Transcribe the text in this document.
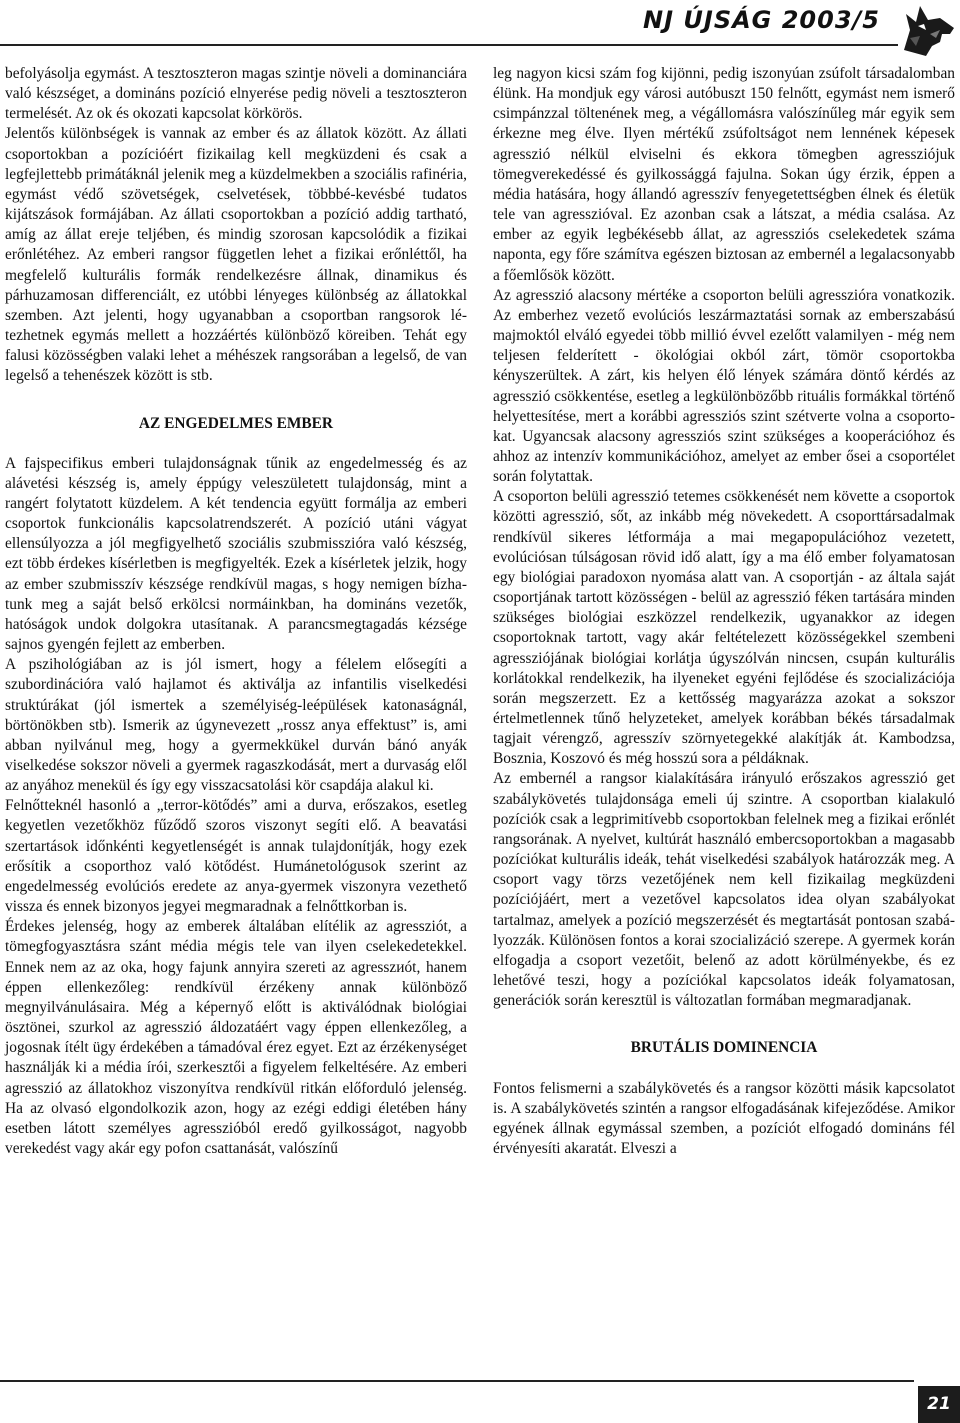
NJ ÚJSÁG 2003/5

befolyásolja egymást. A tesztoszteron magas szintje növeli a dominanciára való készséget, a domináns pozíció elnyerése pedig növeli a tesztoszteron termelését. Az ok és okozati kapcsolat körkörös.

Jelentős különbségek is vannak az ember és az állatok között. Az állati csoportokban a pozícióért fizikailag kell megküzdeni és csak a legfejlettebb primátáknál jelenik meg a küzdelmekben a szociális rafinéria, egymást védő szövetségek, cselvetések, többbé-kevésbé tudatos kijátszások formájában. Az állati csoportokban a pozíció addig tartható, amíg az állat ereje teljében, és mindig szorosan kapcsolódik a fizikai erőnlétéhez. Az emberi rangsor független lehet a fizikai erőnléttől, ha megfelelő kulturális formák rendelkezésre állnak, dinamikus és párhuzamosan differenciált, ez utóbbi lényeges különbség az állatokkal szemben. Azt jelenti, hogy ugyanabban a csoportban rangsorok létezhetnek egymás mellett a hozzáértés különböző köreiben. Tehát egy falusi közösségben valaki lehet a méhészek rangsorában a legelső, de van legelső a tehenészek között is stb.

AZ ENGEDELMES EMBER

A fajspecifikus emberi tulajdonságnak tűnik az engedelmesség és az alávetési készség is, amely éppúgy veleszületett tulajdonság, mint a rangért folytatott küzdelem. A két tendencia együtt formálja az emberi csoportok funkcionális kapcsolatrendszerét. A pozíció utáni vágyat ellensúlyozza a jól megfigyelhető szociális szubmisszióra való készség, ezt több érdekes kísérletben is megfigyelték. Ezek a kísérletek jelzik, hogy az ember szubmisszív készsége rendkívül magas, s hogy nemigen bízhatunk meg a saját belső erkölcsi normáinkban, ha domináns vezetők, hatóságok undok dolgokra utasítanak. A parancsmegtagadás kézsége sajnos gyengén fejlett az emberben.

A pszihológiában az is jól ismert, hogy a félelem elősegíti a szubordinációra való hajlamot és aktiválja az infantilis viselkedési struktúrákat (jól ismertek a személyiség-leépülések katonaságnál, börtönökben stb). Ismerik az úgynevezett „rossz anya effektust” is, ami abban nyilvánul meg, hogy a gyermekkükel durván bánó anyák viselkedése sokszor növeli a gyermek ragaszkodását, mert a durvaság elől az anyához menekül és így egy visszacsatolási kör csapdája alakul ki.

Felnőtteknél hasonló a „terror-kötődés” ami a durva, erőszakos, esetleg kegyetlen vezetőkhöz fűződő szoros viszonyt segíti elő. A beavatási szertartások időnkénti kegyetlenségét is annak tulajdonítják, hogy ezek erősítik a csoporthoz való kötődést. Humánetológusok szerint az engedelmesség evolúciós eredete az anya-gyermek viszonyra vezethető vissza és ennek bizonyos jegyei megmaradnak a felnőttkorban is.

Érdekes jelenség, hogy az emberek általában elítélik az agressziót, a tömegfogyasztásra szánt média mégis tele van ilyen cselekedetekkel. Ennek nem az az oka, hogy fajunk annyira szereti az agresszиót, hanem éppen ellenkezőleg: rendkívül érzékeny annak különböző megnyilvánulásaira. Még a képernyő előtt is aktiválódnak biológiai ösztönei, szurkol az agresszió áldozatáért vagy éppen ellenkezőleg, a jogosnak ítélt ügy érdekében a támadóval érez egyet. Ezt az érzékenységet használják ki a média írói, szerkesztői a figyelem felkeltésére. Az emberi agresszió az állatokhoz viszonyítva rendkívül ritkán előforduló jelenség. Ha az olvasó elgondolkozik azon, hogy az ezégi eddigi életében hány esetben látott személyes agresszióból eredő gyilkosságot, nagyobb verekedést vagy akár egy pofon csattanását, valószínű

leg nagyon kicsi szám fog kijönni, pedig iszonyúan zsúfolt társadalomban élünk. Ha mondjuk egy városi autóbuszt 150 felnőtt, egymást nem ismerő csimpánzzal töltenének meg, a végállomásra valószínűleg már egyik sem érkezne meg élve. Ilyen mértékű zsúfoltságot nem lennének képesek agresszió nélkül elviselni és ekkora tömegben agressziójuk tömegverekedéssé és gyilkossággá fajulna. Sokan úgy érzik, éppen a média hatására, hogy állandó agresszív fenyegetettségben élnek és életük tele van agresszióval. Ez azonban csak a látszat, a média csalása. Az ember az egyik legbékésebb állat, az agressziós cselekedetek száma naponta, egy főre számítva egészen biztosan az embernél a legalacsonyabb a főemlősök között.

Az agresszió alacsony mértéke a csoporton belüli agresszióra vonatkozik. Az emberhez vezető evolúciós leszármaztatási sornak az emberszabású majmoktól elváló egyedei több millió évvel ezelőtt valamilyen - még nem teljesen felderített - ökológiai okból zárt, tömör csoportokba kényszerültek. A zárt, kis helyen élő lények számára döntő kérdés az agresszió csökkentése, esetleg a legkülönbözőbb rituális formákkal történő helyettesítése, mert a korábbi agressziós szint szétverte volna a csoportоkat. Ugyancsak alacsony agressziós szint szükséges a kooperációhoz és ahhoz az intenzív kommunikációhoz, amelyet az ember ősei a csoportélet során folytattak.

A csoporton belüli agresszió tetemes csökkenését nem követte a csoportok közötti agresszió, sőt, az inkább még növekedett. A csoporttársadalmak rendkívül sikeres létformája a mai megapopulációhoz vezetett, evolúciósan túlságosan rövid idő alatt, így a ma élő ember folyamatosan egy biológiai paradoxon nyomása alatt van. A csoportján - az általa saját csoportjának tartott közösségen - belül az agresszió féken tartására minden szükséges biológiai eszközzel rendelkezik, ugyanakkor az idegen csoportoknak tartott, vagy akár feltételezett közösségekkel szembeni agressziójának biológiai korlátja úgyszólván nincsen, csupán kulturális korlátokkal rendelkezik, ha ilyeneket egyéni fejlődése és szocializációja során megszerzett. Ez a kettősség magyarázza azokat a sokszor értelmetlennek tűnő helyzeteket, amelyek korábban békés társadalmak tagjait vérengző, agresszív szörnyetegekké alakítják át. Kambodzsa, Bosznia, Koszovó és még hosszú sora a példáknak.

Az embernél a rangsor kialakítására irányuló erőszakos agresszió get szabálykövetés tulajdonsága emeli új szintre. A csoportban kialakuló pozíciók csak a legprimitívebb csoportokban felelnek meg a fizikai erőnlét rangsorának. A nyelvet, kultúrát használó embercsoportokban a magasabb pozíciókat kulturális ideák, tehát viselkedési szabályok határozzák meg. A csoport vagy törzs vezetőjének nem kell fizikailag megküzdeni pozíciójáért, mert a vezetővel kapcsolatos idea olyan szabályokat tartalmaz, amelyek a pozíció megszerzését és megtartását pontosan szabályozzák. Különösen fontos a korai szocializáció szerepe. A gyermek korán elfogadja a csoport vezetőit, belenő az adott körülményekbe, és ez lehetővé teszi, hogy a pozíciókal kapcsolatos ideák folyamatosan, generációk során keresztül is változatlan formában megmaradjanak.

BRUTÁLIS DOMINENCIA

Fontos felismerni a szabálykövetés és a rangsor közötti másik kapcsolatot is. A szabálykövetés szintén a rangsor elfogadásának kifejeződése. Amikor egyének állnak egymással szemben, a pozíciót elfogadó domináns fél érvényesíti akaratát. Elveszi a

21
